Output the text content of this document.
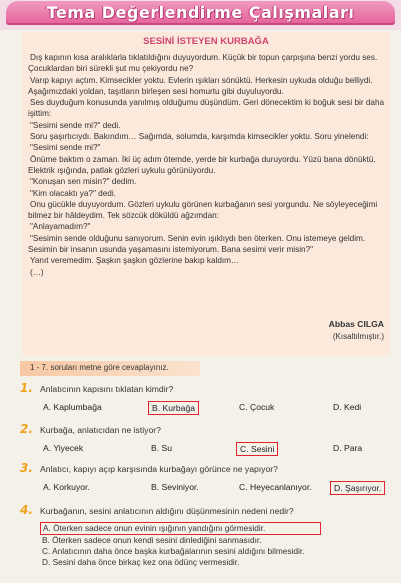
Tema Değerlendirme Çalışmaları
SESİNİ İSTEYEN KURBAĞA

Dış kapının kısa aralıklarla tıklatıldığını duyuyordum. Küçük bir topun çarpışına benzi yordu ses. Çocuklardan biri sürekli şut mu çekiyordu ne?

Varıp kapıyı açtım. Kimsecikler yoktu. Evlerin ışıkları sönüktü. Herkesin uykuda olduğu belliydi. Aşağımızdaki yoldan, taşıtların birleşen sesi homurtu gibi duyuluyordu.

Ses duyduğum konusunda yanılmış olduğumu düşündüm. Geri dönecektim ki boğuk sesi bir daha işittim:

"Sesimi sende mi?" dedi.

Soru şaşırtıcıydı. Bakındım… Sağımda, solumda, karşımda kimsecikler yoktu. Soru yinelendi:

"Sesimi sende mi?"

Önüme baktım o zaman. İki üç adım ötemde, yerde bir kurbağa duruyordu. Yüzü bana dönüktü. Elektrik ışığında, patlak gözleri uykulu görünüyordu.

"Konuşan sen misin?" dedim.

"Kim olacaktı ya?" dedi.

Onu gücükle duyuyordum. Gözleri uykulu görünen kurbağanın sesi yorgundu. Ne söyleyeceğimi bilmez bir hâldeydim. Tek sözcük döküldü ağzımdan:

"Anlayamadım?"

"Sesimin sende olduğunu sanıyorum. Senin evin ışıklıydı ben öterken. Onu istemeye geldim. Sesimin bir insanın usunda yaşamasını istemiyorum. Bana sesimi verir misin?"

Yanıt veremedim. Şaşkın şaşkın gözlerine bakıp kaldım…

(…)

Abbas CILGA
(Kısaltılmıştır.)
1 - 7. soruları metne göre cevaplayınız.
1. Anlatıcının kapısını tıklatan kimdir?
A. Kaplumbağa	B. Kurbağa	C. Çocuk	D. Kedi
2. Kurbağa, anlatıcıdan ne istiyor?
A. Yiyecek	B. Su	C. Sesini	D. Para
3. Anlatıcı, kapıyı açıp karşısında kurbağayı görünce ne yapıyor?
A. Korkuyor.	B. Seviniyor.	C. Heyecanlanıyor.	D. Şaşırıyor.
4. Kurbağanın, sesini anlatıcının aldığını düşünmesinin nedeni nedir?
A. Öterken sadece onun evinin ışığının yandığını görmesidir.
B. Öterken sadece onun kendi sesini dinlediğini sanmasıdır.
C. Anlatıcının daha önce başka kurbağalarının sesini aldığını bilmesidir.
D. Sesini daha önce birkaç kez ona ödünç vermesidir.
